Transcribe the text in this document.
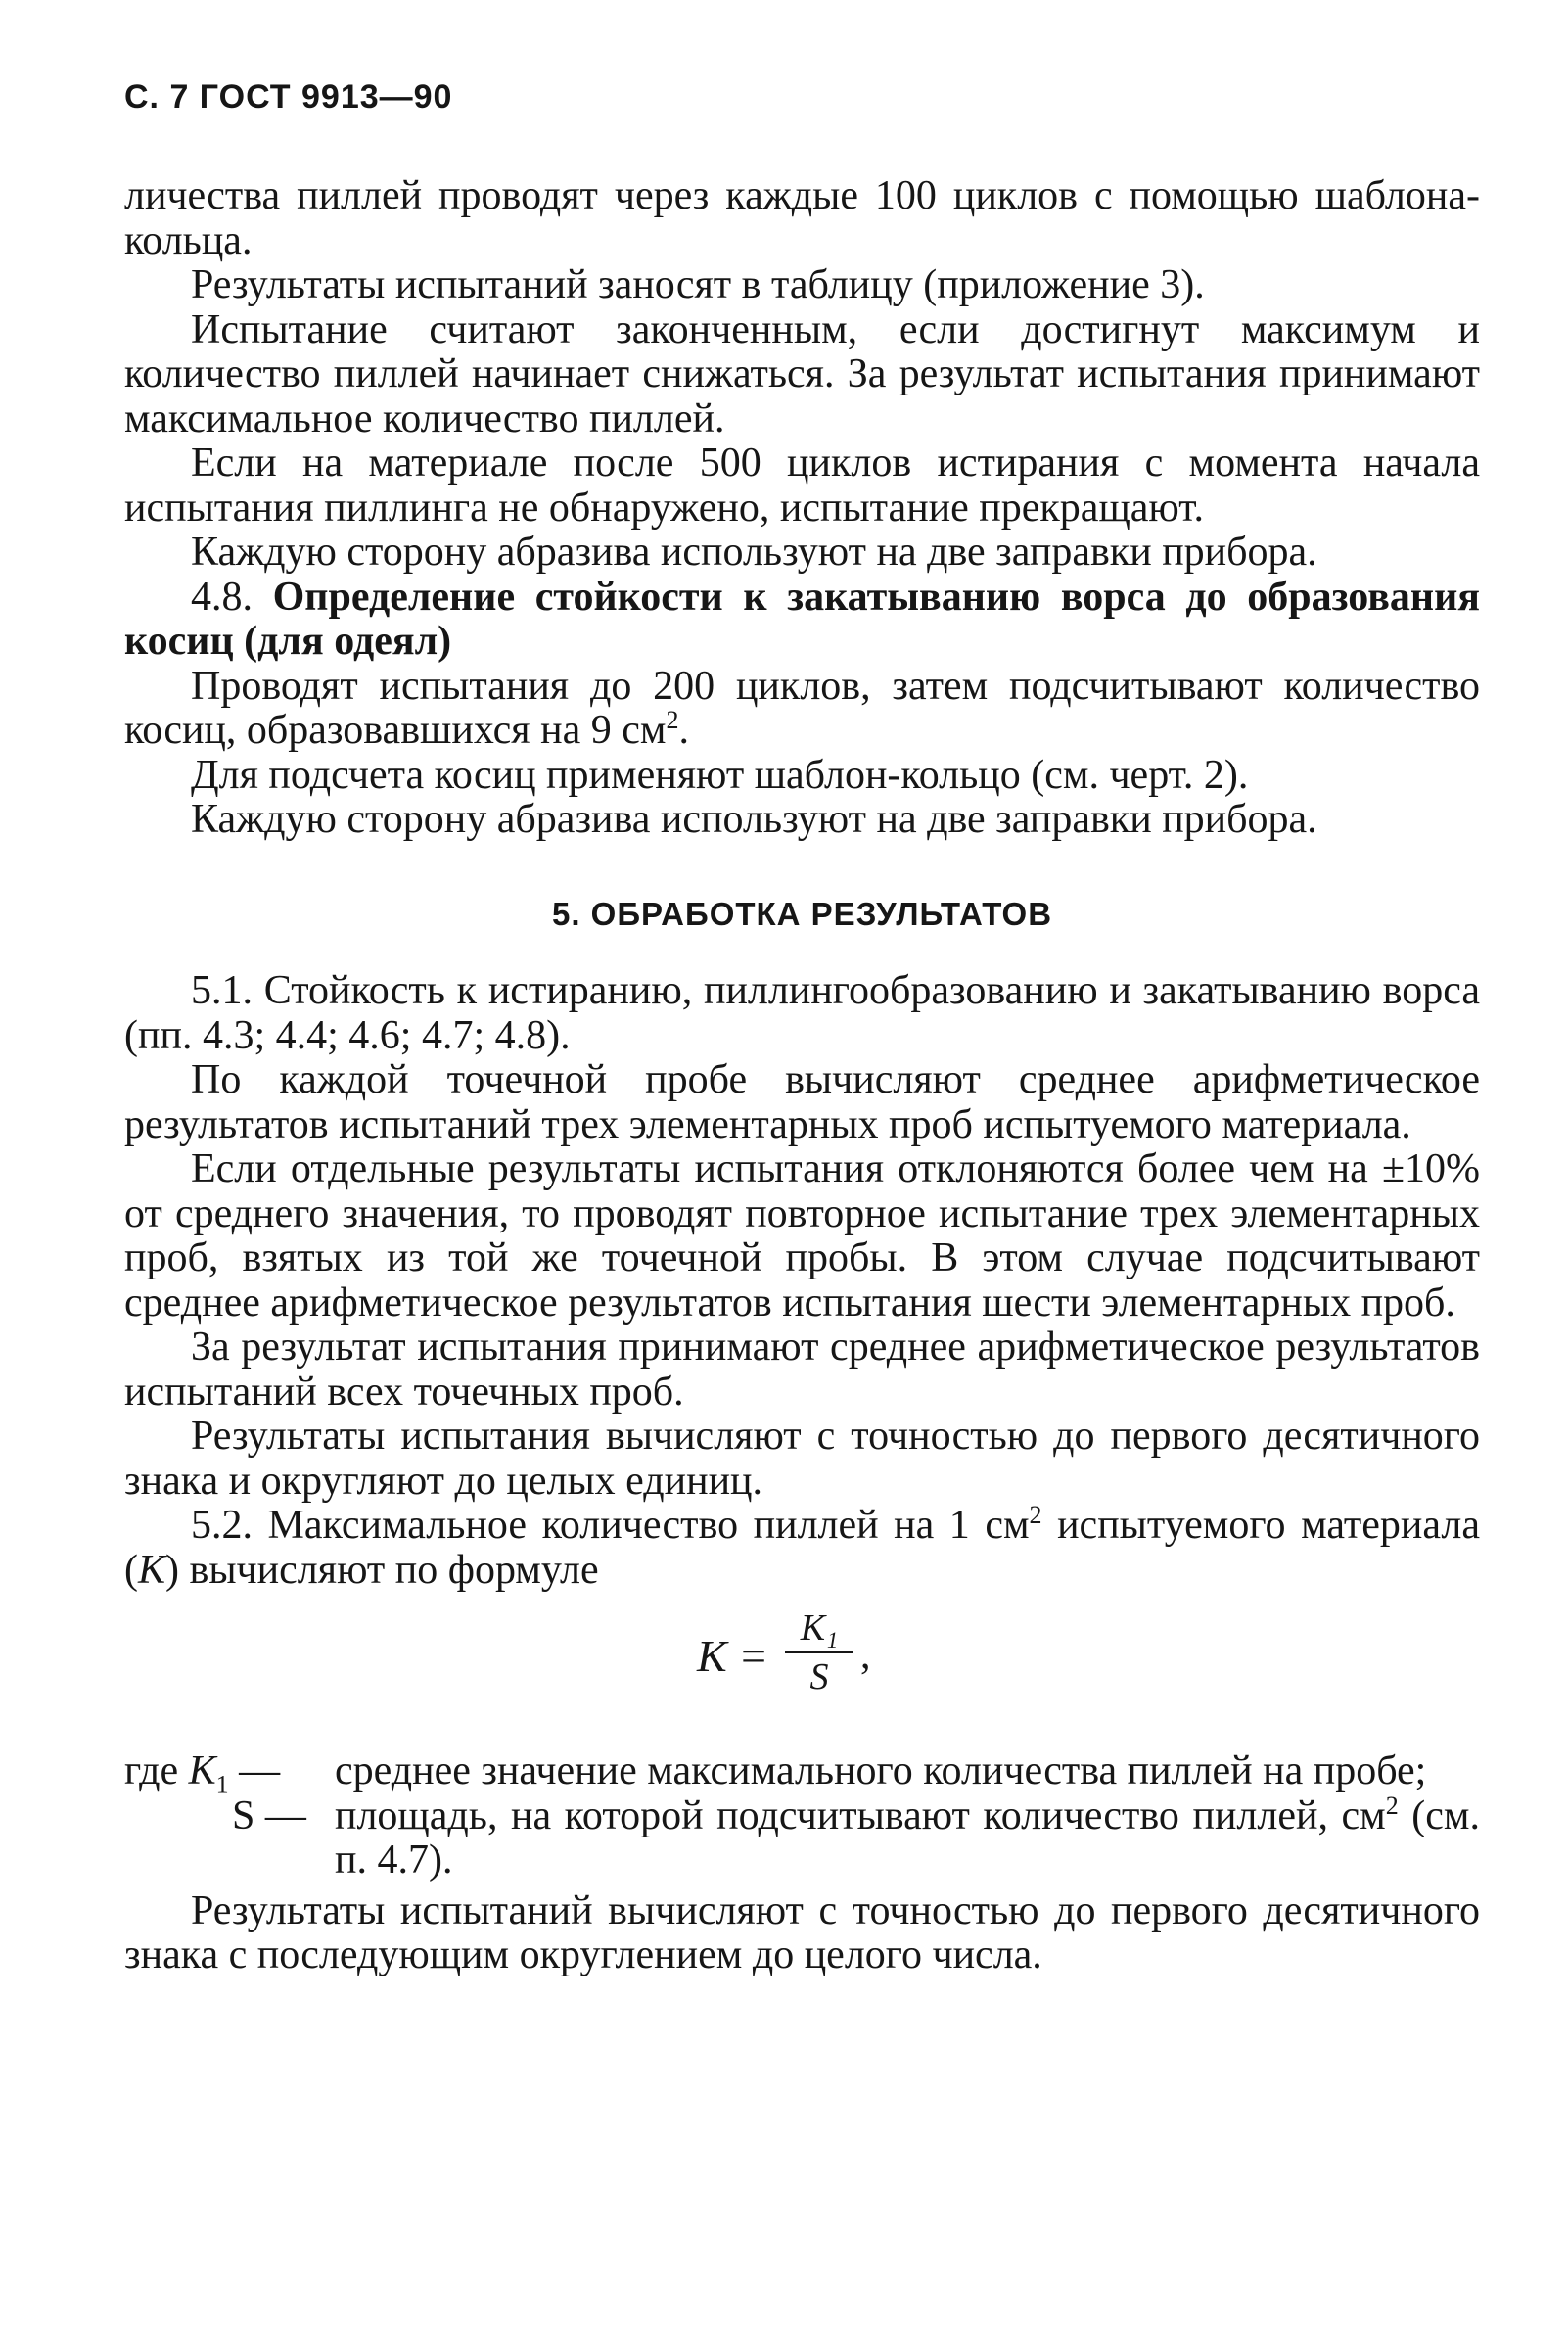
С. 7 ГОСТ 9913—90

личества пиллей проводят через каждые 100 циклов с помощью шаблона-кольца.

Результаты испытаний заносят в таблицу (приложение 3).

Испытание считают законченным, если достигнут максимум и количество пиллей начинает снижаться. За результат испытания принимают максимальное количество пиллей.

Если на материале после 500 циклов истирания с момента начала испытания пиллинга не обнаружено, испытание прекращают.

Каждую сторону абразива используют на две заправки прибора.

4.8. Определение стойкости к закатыванию ворса до образования косиц (для одеял)

Проводят испытания до 200 циклов, затем подсчитывают количество косиц, образовавшихся на 9 $см^2$.

Для подсчета косиц применяют шаблон-кольцо (см. черт. 2).

Каждую сторону абразива используют на две заправки прибора.

5. ОБРАБОТКА РЕЗУЛЬТАТОВ

5.1. Стойкость к истиранию, пиллингообразованию и закатыванию ворса (пп. 4.3; 4.4; 4.6; 4.7; 4.8).

По каждой точечной пробе вычисляют среднее арифметическое результатов испытаний трех элементарных проб испытуемого материала.

Если отдельные результаты испытания отклоняются более чем на ±10% от среднего значения, то проводят повторное испытание трех элементарных проб, взятых из той же точечной пробы. В этом случае подсчитывают среднее арифметическое результатов испытания шести элементарных проб.

За результат испытания принимают среднее арифметическое результатов испытаний всех точечных проб.

Результаты испытания вычисляют с точностью до первого десятичного знака и округляют до целых единиц.

5.2. Максимальное количество пиллей на 1 $см^2$ испытуемого материала (K) вычисляют по формуле

$K = \frac{\text{K₁}}{S}$ ,

где $K_1$ — среднее значение максимального количества пиллей на пробе;

S — площадь, на которой подсчитывают количество пиллей, $см^2$ (см. п. 4.7).

Результаты испытаний вычисляют с точностью до первого десятичного знака с последующим округлением до целого числа.
